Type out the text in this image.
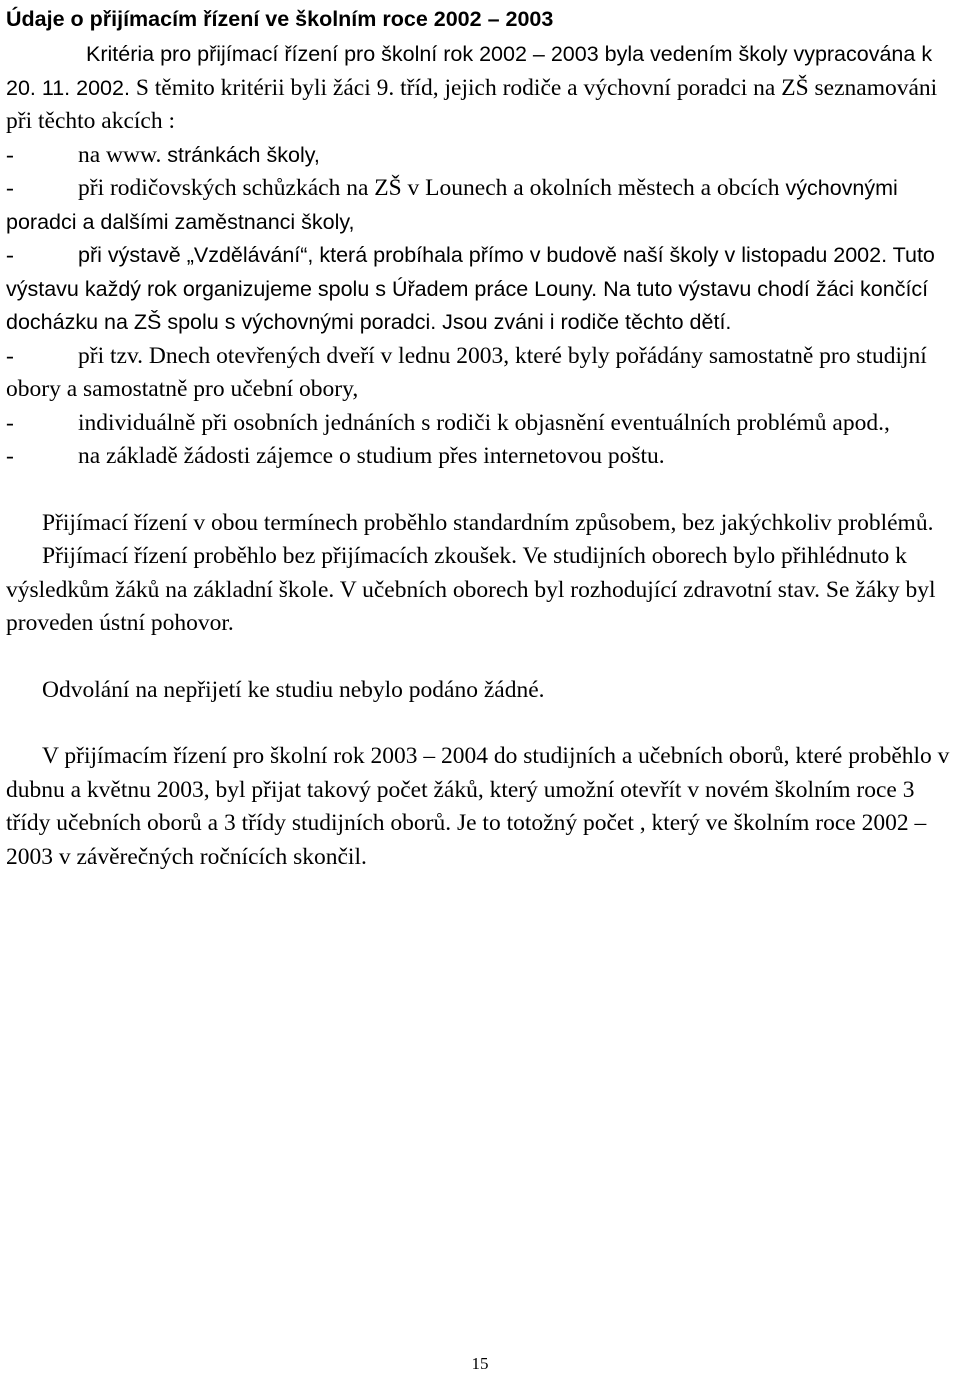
Údaje o přijímacím řízení ve školním roce 2002 – 2003

Kritéria pro přijímací řízení pro školní rok 2002 – 2003 byla vedením školy vypracována k 20. 11. 2002. S těmito kritérii byli žáci 9. tříd, jejich rodiče a výchovní poradci na ZŠ seznamováni při těchto akcích :

-	na www. stránkách školy,

-	při rodičovských schůzkách na ZŠ v Lounech a okolních městech a obcích výchovnými poradci a dalšími zaměstnanci školy,

-	při výstavě „Vzdělávání“, která probíhala přímo v budově naší školy v listopadu 2002. Tuto výstavu každý rok organizujeme spolu s Úřadem práce Louny. Na tuto výstavu chodí žáci končící docházku na ZŠ spolu s výchovnými poradci. Jsou zváni i rodiče těchto dětí.

-	při tzv. Dnech otevřených dveří v lednu 2003, které byly pořádány samostatně pro studijní obory a samostatně pro učební obory,

-	individuálně při osobních jednáních s rodiči k objasnění eventuálních problémů apod.,

-	na základě žádosti zájemce o studium přes internetovou poštu.

Přijímací řízení v obou termínech proběhlo standardním způsobem, bez jakýchkoliv problémů.

Přijímací řízení proběhlo bez přijímacích zkoušek. Ve studijních oborech bylo přihlédnuto k výsledkům žáků na základní škole. V učebních oborech byl rozhodující zdravotní stav. Se žáky byl proveden ústní pohovor.

Odvolání na nepřijetí ke studiu nebylo podáno žádné.

V přijímacím řízení pro školní rok 2003 – 2004 do studijních a učebních oborů, které proběhlo v dubnu a květnu 2003, byl přijat takový počet žáků, který umožní otevřít v novém školním roce 3 třídy učebních oborů a 3 třídy studijních oborů. Je to totožný počet , který ve školním roce 2002 – 2003 v závěrečných ročnících skončil.

15
